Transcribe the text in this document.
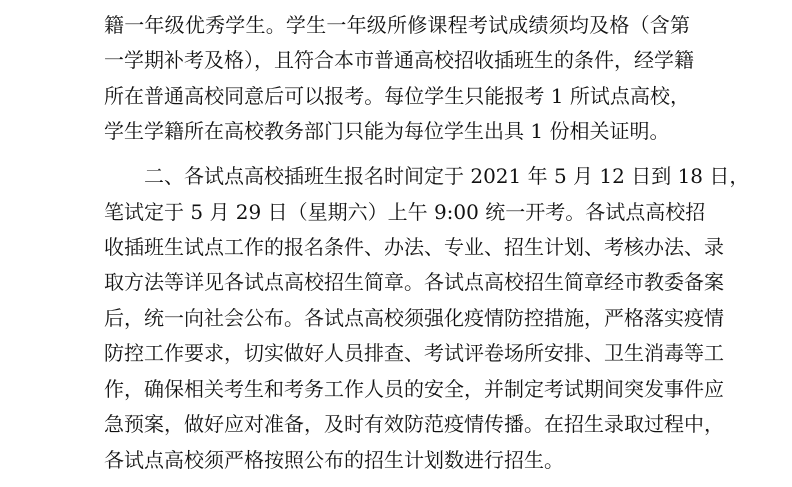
籍一年级优秀学生。学生一年级所修课程考试成绩须均及格（含第
一学期补考及格），且符合本市普通高校招收插班生的条件，经学籍
所在普通高校同意后可以报考。每位学生只能报考 1 所试点高校，
学生学籍所在高校教务部门只能为每位学生出具 1 份相关证明。
二、各试点高校插班生报名时间定于 2021 年 5 月 12 日到 18 日，
笔试定于 5 月 29 日（星期六）上午 9:00 统一开考。各试点高校招
收插班生试点工作的报名条件、办法、专业、招生计划、考核办法、录
取方法等详见各试点高校招生简章。各试点高校招生简章经市教委备案
后，统一向社会公布。各试点高校须强化疫情防控措施，严格落实疫情
防控工作要求，切实做好人员排查、考试评卷场所安排、卫生消毒等工
作，确保相关考生和考务工作人员的安全，并制定考试期间突发事件应
急预案，做好应对准备，及时有效防范疫情传播。在招生录取过程中，
各试点高校须严格按照公布的招生计划数进行招生。
